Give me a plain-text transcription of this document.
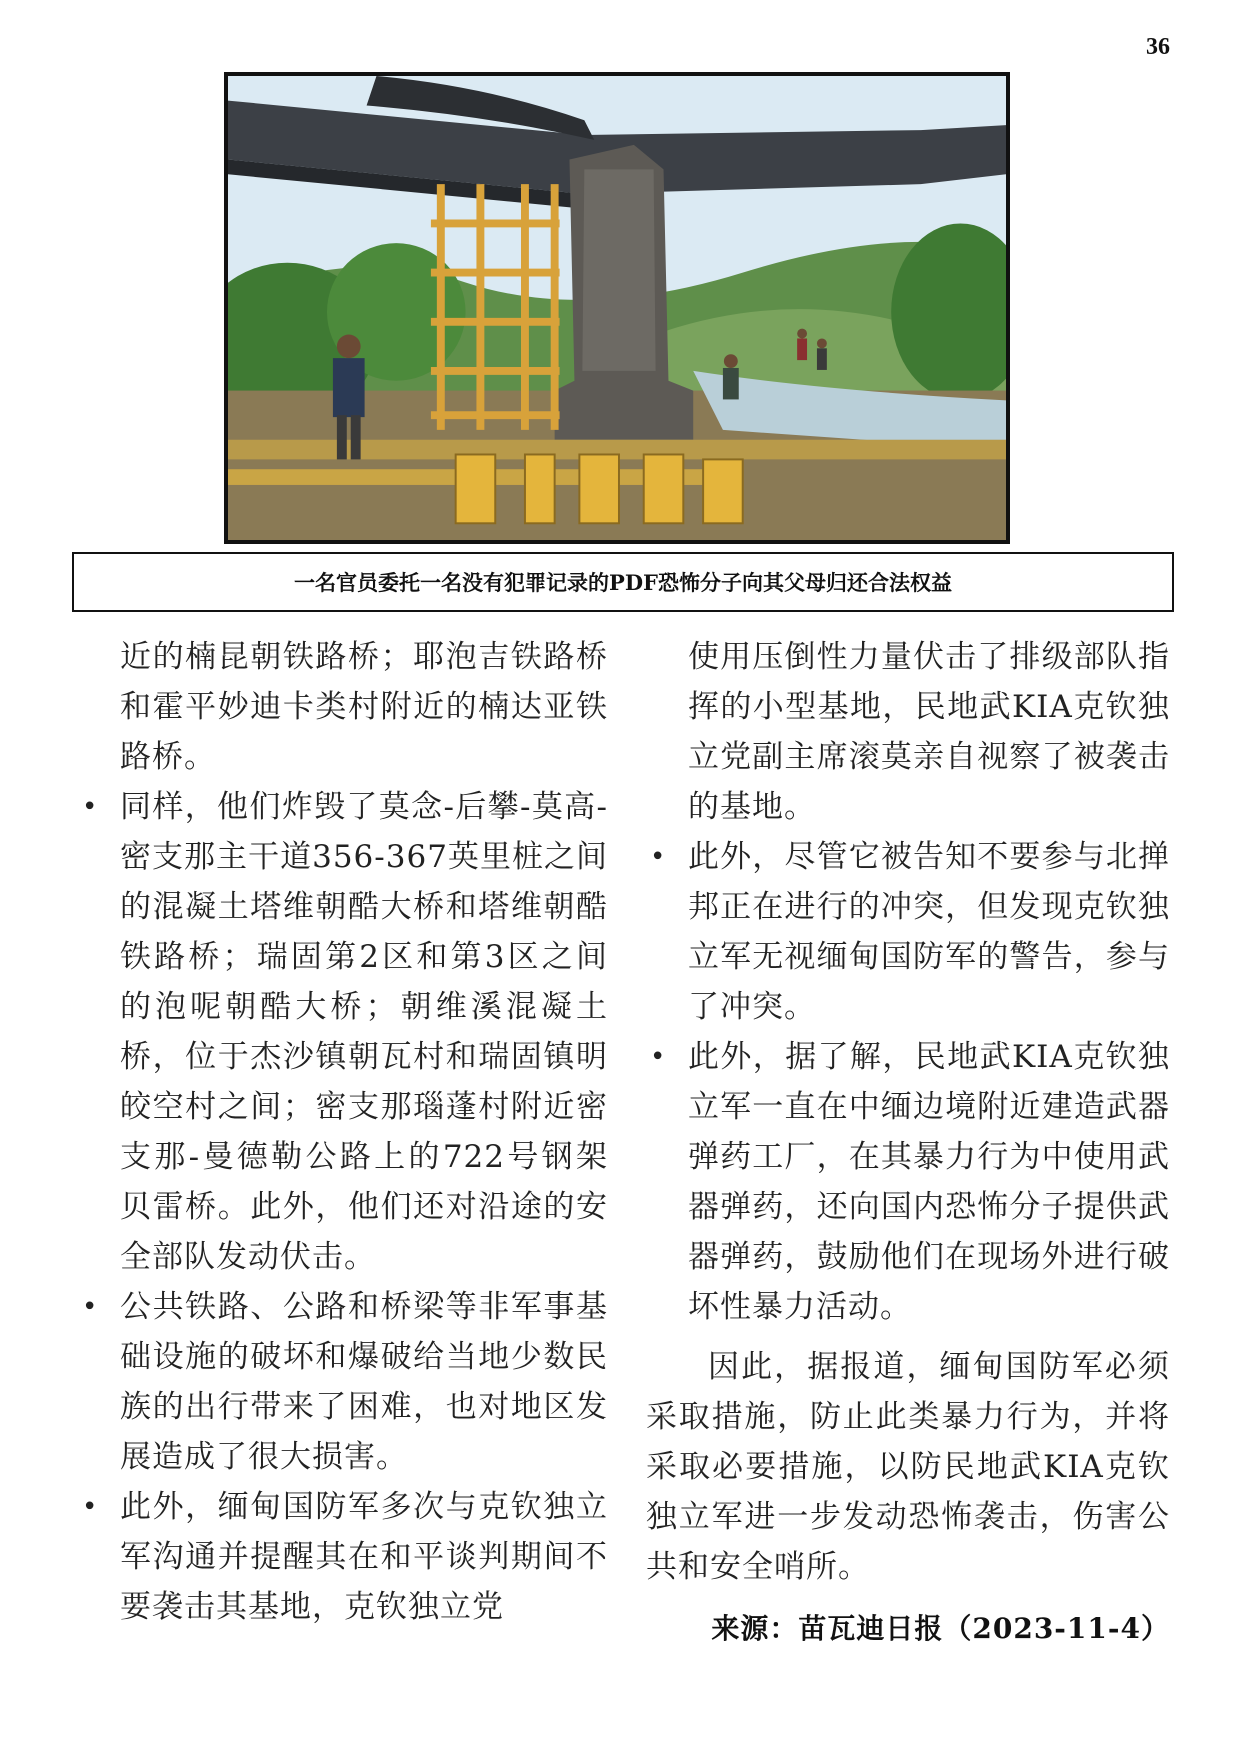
36
一名官员委托一名没有犯罪记录的PDF恐怖分子向其父母归还合法权益

近的楠昆朝铁路桥；耶泡吉铁路桥和霍平妙迪卡类村附近的楠达亚铁路桥。

• 同样，他们炸毁了莫念-后攀-莫高-密支那主干道356-367英里桩之间的混凝土塔维朝酷大桥和塔维朝酷铁路桥；瑞固第2区和第3区之间的泡呢朝酷大桥；朝维溪混凝土桥，位于杰沙镇朝瓦村和瑞固镇明皎空村之间；密支那瑙蓬村附近密支那-曼德勒公路上的722号钢架贝雷桥。此外，他们还对沿途的安全部队发动伏击。

• 公共铁路、公路和桥梁等非军事基础设施的破坏和爆破给当地少数民族的出行带来了困难，也对地区发展造成了很大损害。

• 此外，缅甸国防军多次与克钦独立军沟通并提醒其在和平谈判期间不要袭击其基地，克钦独立党

使用压倒性力量伏击了排级部队指挥的小型基地，民地武KIA克钦独立党副主席滚莫亲自视察了被袭击的基地。

• 此外，尽管它被告知不要参与北掸邦正在进行的冲突，但发现克钦独立军无视缅甸国防军的警告，参与了冲突。

• 此外，据了解，民地武KIA克钦独立军一直在中缅边境附近建造武器弹药工厂，在其暴力行为中使用武器弹药，还向国内恐怖分子提供武器弹药，鼓励他们在现场外进行破坏性暴力活动。

因此，据报道，缅甸国防军必须采取措施，防止此类暴力行为，并将采取必要措施，以防民地武KIA克钦独立军进一步发动恐怖袭击，伤害公共和安全哨所。

来源：苗瓦迪日报（2023-11-4）
